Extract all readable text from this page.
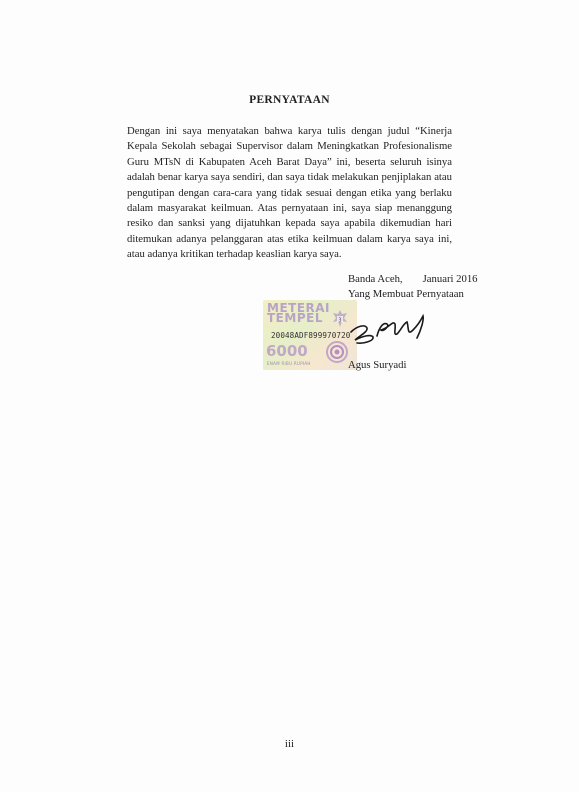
PERNYATAAN
Dengan ini saya menyatakan bahwa karya tulis dengan judul “Kinerja Kepala Sekolah sebagai Supervisor dalam Meningkatkan Profesionalisme Guru MTsN di Kabupaten Aceh Barat Daya” ini, beserta seluruh isinya adalah benar karya saya sendiri, dan saya tidak melakukan penjiplakan atau pengutipan dengan cara-cara yang tidak sesuai dengan etika yang berlaku dalam masyarakat keilmuan. Atas pernyataan ini, saya siap menanggung resiko dan sanksi yang dijatuhkan kepada saya apabila dikemudian hari ditemukan adanya pelanggaran atas etika keilmuan dalam karya saya ini, atau adanya kritikan terhadap keaslian karya saya.
Banda Aceh, Januari 2016
Yang Membuat Pernyataan
METERAI TEMPEL	3
20048ADF899970720
6000
ENAM RIBU RUPIAH	Agus Suryadi
iii
